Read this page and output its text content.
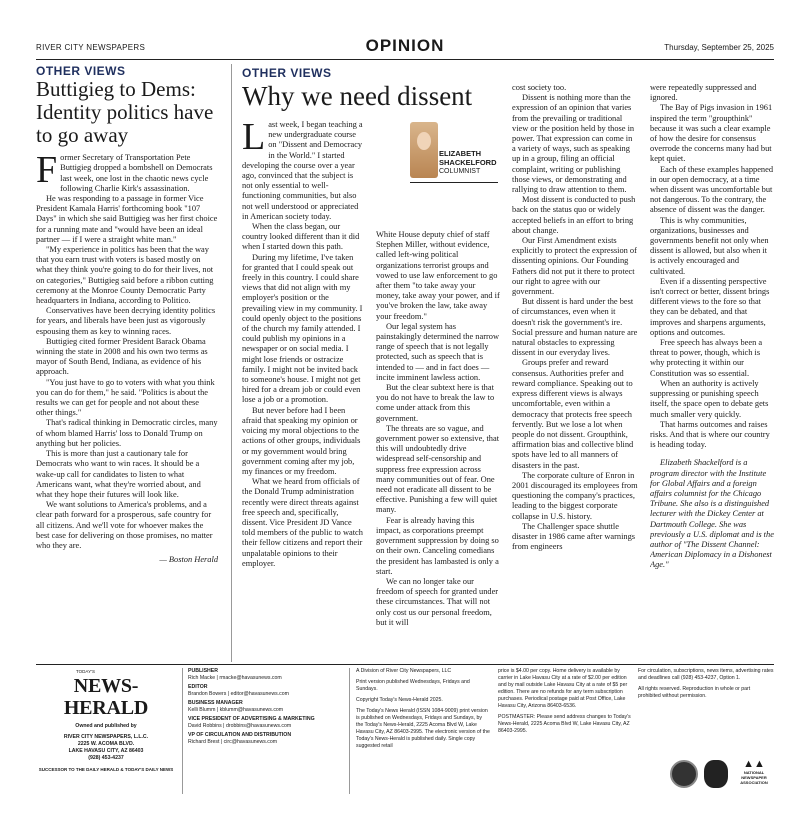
RIVER CITY NEWSPAPERS	OPINION	Thursday, September 25, 2025
OTHER VIEWS
Buttigieg to Dems: Identity politics have to go away

Former Secretary of Transportation Pete Buttigieg dropped a bombshell on Democrats last week, one lost in the chaotic news cycle following Charlie Kirk's assassination.

He was responding to a passage in former Vice President Kamala Harris' forthcoming book "107 Days" in which she said Buttigieg was her first choice for a running mate and "would have been an ideal partner — if I were a straight white man."

"My experience in politics has been that the way that you earn trust with voters is based mostly on what they think you're going to do for their lives, not on categories," Buttigieg said before a ribbon cutting ceremony at the Monroe County Democratic Party headquarters in Indiana, according to Politico.

Conservatives have been decrying identity politics for years, and liberals have been just as vigorously espousing them as key to winning races.

Buttigieg cited former President Barack Obama winning the state in 2008 and his own two terms as mayor of South Bend, Indiana, as evidence of his approach.

"You just have to go to voters with what you think you can do for them," he said. "Politics is about the results we can get for people and not about these other things."

That's radical thinking in Democratic circles, many of whom blamed Harris' loss to Donald Trump on anything but her policies.

This is more than just a cautionary tale for Democrats who want to win races. It should be a wake-up call for candidates to listen to what Americans want, what they're worried about, and what they hope their futures will look like.

We want solutions to America's problems, and a clear path forward for a prosperous, safe country for all citizens. And we'll vote for whoever makes the best case for delivering on those promises, no matter who they are.

— Boston Herald
OTHER VIEWS
Why we need dissent
ELIZABETH SHACKELFORD
COLUMNIST

Last week, I began teaching a new undergraduate course on "Dissent and Democracy in the World." I started developing the course over a year ago, convinced that the subject is not only essential to well-functioning communities, but also not well understood or appreciated in American society today.

When the class began, our country looked different than it did when I started down this path.

During my lifetime, I've taken for granted that I could speak out freely in this country. I could share views that did not align with my employer's position or the prevailing view in my community. I could openly object to the positions of the church my family attended. I could publish my opinions in a newspaper or on social media. I might lose friends or ostracize family. I might not be invited back to someone's house. I might not get hired for a dream job or could even lose a job or a promotion.

But never before had I been afraid that speaking my opinion or voicing my moral objections to the actions of other groups, individuals or my government would bring government coming after my job, my finances or my freedom.

What we heard from officials of the Donald Trump administration recently were direct threats against free speech and, specifically, dissent. Vice President JD Vance told members of the public to watch their fellow citizens and report their unpalatable opinions to their employer.

White House deputy chief of staff Stephen Miller, without evidence, called left-wing political organizations terrorist groups and vowed to use law enforcement to go after them "to take away your money, take away your power, and if you've broken the law, take away your freedom."

Our legal system has painstakingly determined the narrow range of speech that is not legally protected, such as speech that is intended to — and in fact does — incite imminent lawless action.

But the clear subtext here is that you do not have to break the law to come under attack from this government.

The threats are so vague, and government power so extensive, that this will undoubtedly drive widespread self-censorship and suppress free expression across many communities out of fear. One need not eradicate all dissent to be effective. Punishing a few will quiet many.

Fear is already having this impact, as corporations preempt government suppression by doing so on their own. Canceling comedians the president has lambasted is only a start.

We can no longer take our freedom of speech for granted under these circumstances. That will not only cost us our personal freedom, but it will

cost society too.

Dissent is nothing more than the expression of an opinion that varies from the prevailing or traditional view or the position held by those in power. That expression can come in a variety of ways, such as speaking up in a group, filing an official complaint, writing or publishing those views, or demonstrating and rallying to draw attention to them.

Most dissent is conducted to push back on the status quo or widely accepted beliefs in an effort to bring about change.

Our First Amendment exists explicitly to protect the expression of dissenting opinions. Our Founding Fathers did not put it there to protect our right to agree with our government.

But dissent is hard under the best of circumstances, even when it doesn't risk the government's ire. Social pressure and human nature are natural obstacles to expressing dissent in our everyday lives.

Groups prefer and reward consensus. Authorities prefer and reward compliance. Speaking out to express different views is always uncomfortable, even within a democracy that protects free speech fervently. But we lose a lot when people do not dissent. Groupthink, affirmation bias and collective blind spots have led to all manners of disasters in the past.

The corporate culture of Enron in 2001 discouraged its employees from questioning the company's practices, leading to the biggest corporate collapse in U.S. history.

The Challenger space shuttle disaster in 1986 came after warnings from engineers

were repeatedly suppressed and ignored.

The Bay of Pigs invasion in 1961 inspired the term "groupthink" because it was such a clear example of how the desire for consensus overrode the concerns many had but kept quiet.

Each of these examples happened in our open democracy, at a time when dissent was uncomfortable but not dangerous. To the contrary, the absence of dissent was the danger.

This is why communities, organizations, businesses and governments benefit not only when dissent is allowed, but also when it is actively encouraged and cultivated.

Even if a dissenting perspective isn't correct or better, dissent brings different views to the fore so that they can be debated, and that improves and sharpens arguments, options and outcomes.

Free speech has always been a threat to power, though, which is why protecting it within our Constitution was so essential.

When an authority is actively suppressing or punishing speech itself, the space open to debate gets much smaller very quickly.

That harms outcomes and raises risks. And that is where our country is heading today.

Elizabeth Shackelford is a program director with the Institute for Global Affairs and a foreign affairs columnist for the Chicago Tribune. She also is a distinguished lecturer with the Dickey Center at Dartmouth College. She was previously a U.S. diplomat and is the author of "The Dissent Channel: American Diplomacy in a Dishonest Age."

TODAY'S
NEWS-HERALD
Owned and published by
RIVER CITY NEWSPAPERS, L.L.C.
2225 W. ACOMA BLVD.
LAKE HAVASU CITY, AZ 86403
(928) 453-4237
SUCCESSOR TO THE DAILY HERALD & TODAY'S DAILY NEWS
PUBLISHER
Rich Macke | rmacke@havasunews.com
EDITOR
Brandon Bowers | editor@havasunews.com
BUSINESS MANAGER
Kelli Blumm | kblumm@havasunews.com
VICE PRESIDENT OF ADVERTISING & MARKETING
David Robbins | drobbins@havasunews.com
VP OF CIRCULATION AND DISTRIBUTION
Richard Brest | circ@havasunews.com
A Division of River City Newspapers, LLC
Print version published Wednesdays, Fridays and Sundays.
Copyright Today's News-Herald 2025.
The Today's News Herald (ISSN 1084-9009) print version is published on Wednesdays, Fridays and Sundays, by the Today's News-Herald, 2225 Acoma Blvd W, Lake Havasu City, AZ 86403-2995. The electronic version of the Today's News-Herald is published daily. Single copy suggested retail
price is $4.00 per copy. Home delivery is available by carrier in Lake Havasu City at a rate of $2.00 per edition and by mail outside Lake Havasu City at a rate of $5 per edition. There are no refunds for any term subscription purchases. Periodical postage paid at Post Office, Lake Havasu City, Arizona 86403-6536.
POSTMASTER: Please send address changes to Today's News-Herald, 2225 Acoma Blvd W, Lake Havasu City, AZ 86403-2995.
For circulation, subscriptions, news items, advertising rates and deadlines call (928) 453-4237, Option 1.
All rights reserved. Reproduction in whole or part prohibited without permission.
▲▲
NATIONAL NEWSPAPER ASSOCIATION
